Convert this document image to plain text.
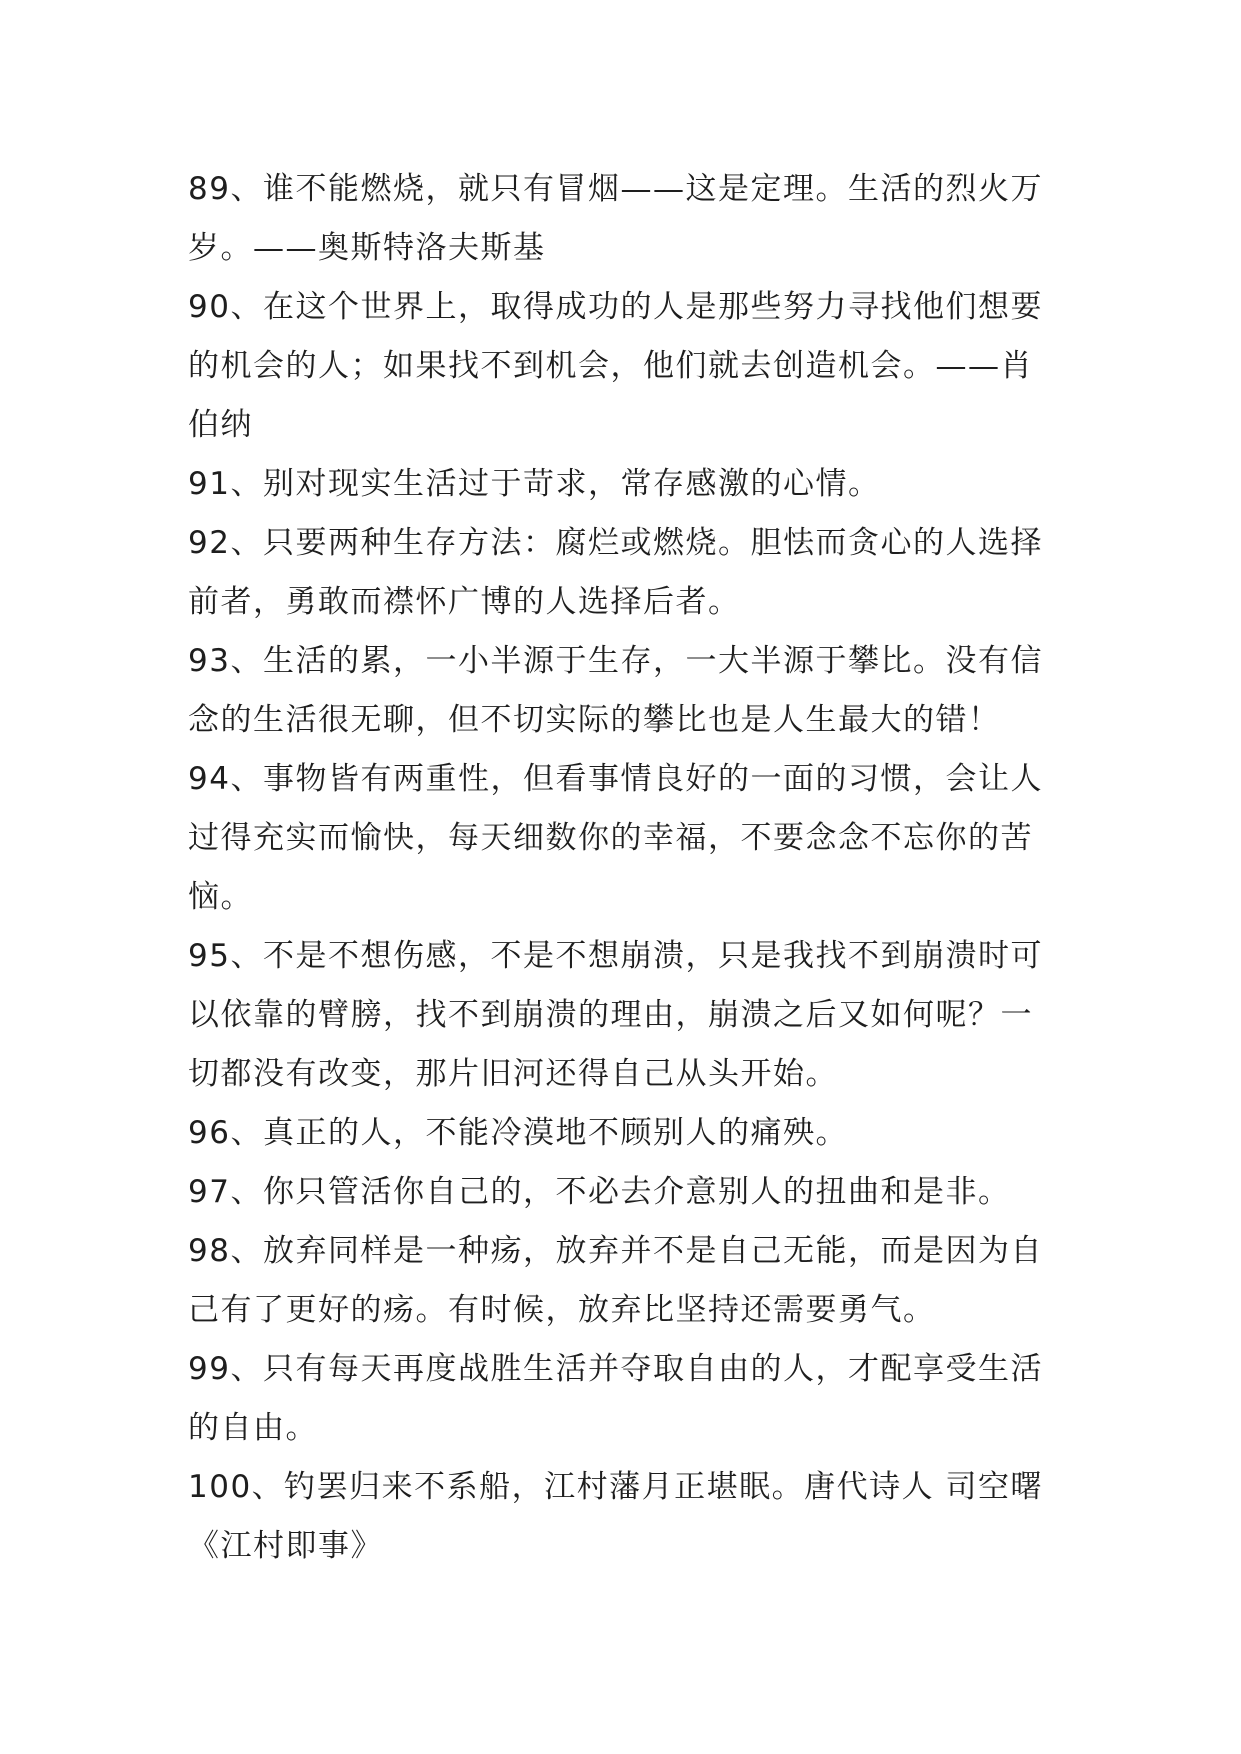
89、谁不能燃烧，就只有冒烟——这是定理。生活的烈火万岁。——奥斯特洛夫斯基

90、在这个世界上，取得成功的人是那些努力寻找他们想要的机会的人；如果找不到机会，他们就去创造机会。——肖伯纳

91、别对现实生活过于苛求，常存感激的心情。

92、只要两种生存方法：腐烂或燃烧。胆怯而贪心的人选择前者，勇敢而襟怀广博的人选择后者。

93、生活的累，一小半源于生存，一大半源于攀比。没有信念的生活很无聊，但不切实际的攀比也是人生最大的错！

94、事物皆有两重性，但看事情良好的一面的习惯，会让人过得充实而愉快，每天细数你的幸福，不要念念不忘你的苦恼。

95、不是不想伤感，不是不想崩溃，只是我找不到崩溃时可以依靠的臂膀，找不到崩溃的理由，崩溃之后又如何呢？一切都没有改变，那片旧河还得自己从头开始。

96、真正的人，不能冷漠地不顾别人的痛殃。

97、你只管活你自己的，不必去介意别人的扭曲和是非。

98、放弃同样是一种疡，放弃并不是自己无能，而是因为自己有了更好的疡。有时候，放弃比坚持还需要勇气。

99、只有每天再度战胜生活并夺取自由的人，才配享受生活的自由。

100、钓罢归来不系船，江村藩月正堪眠。唐代诗人 司空曙《江村即事》
